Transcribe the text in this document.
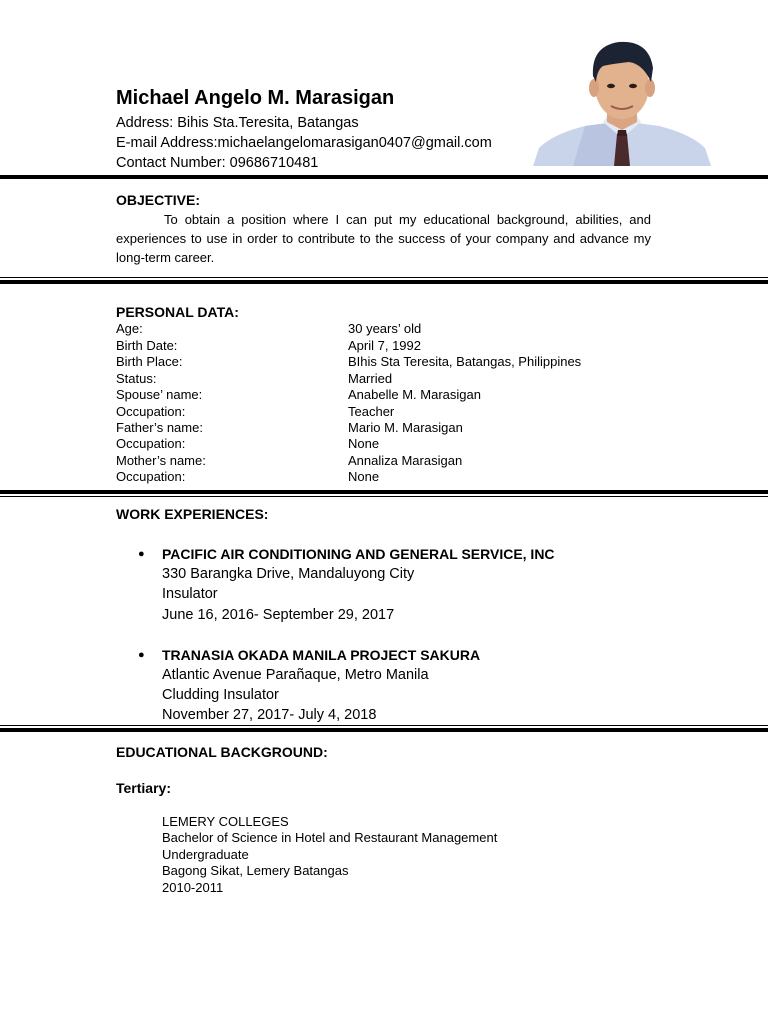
Michael Angelo M. Marasigan
Address: Bihis Sta.Teresita, Batangas
E-mail Address:michaelangelomarasigan0407@gmail.com
Contact Number: 09686710481
OBJECTIVE:
To obtain a position where I can put my educational background, abilities, and experiences to use in order to contribute to the success of your company and advance my long-term career.
PERSONAL DATA:
Age:	30 years’ old
Birth Date:	April 7, 1992
Birth Place:	BIhis Sta Teresita, Batangas, Philippines
Status:	Married
Spouse’ name:	Anabelle M. Marasigan
Occupation:	Teacher
Father’s name:	Mario M. Marasigan
Occupation:	None
Mother’s name:	Annaliza Marasigan
Occupation:	None
WORK EXPERIENCES:
● PACIFIC AIR CONDITIONING AND GENERAL SERVICE, INC
330 Barangka Drive, Mandaluyong City
Insulator
June 16, 2016- September 29, 2017
● TRANASIA OKADA MANILA PROJECT SAKURA
Atlantic Avenue Parañaque, Metro Manila
Cludding Insulator
November 27, 2017- July 4, 2018
EDUCATIONAL BACKGROUND:
Tertiary:
LEMERY COLLEGES
Bachelor of Science in Hotel and Restaurant Management
Undergraduate
Bagong Sikat, Lemery Batangas
2010-2011
